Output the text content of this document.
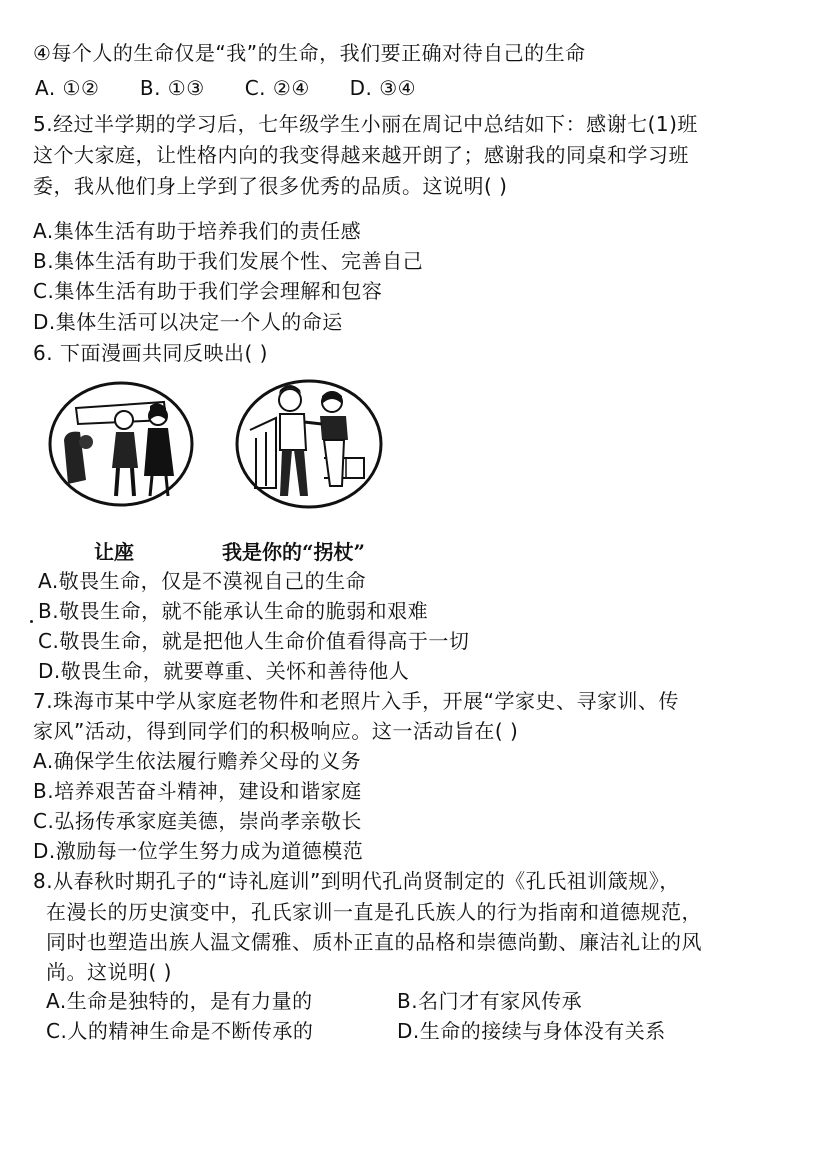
④每个人的生命仅是“我”的生命，我们要正确对待自己的生命
A. ①② B. ①③ C. ②④ D. ③④
5.经过半学期的学习后，七年级学生小丽在周记中总结如下：感谢七(1)班
这个大家庭，让性格内向的我变得越来越开朗了；感谢我的同桌和学习班
委，我从他们身上学到了很多优秀的品质。这说明( )
A.集体生活有助于培养我们的责任感
B.集体生活有助于我们发展个性、完善自己
C.集体生活有助于我们学会理解和包容
D.集体生活可以决定一个人的命运
6. 下面漫画共同反映出( )
让座	我是你的“拐杖”
A.敬畏生命，仅是不漠视自己的生命
B.敬畏生命，就不能承认生命的脆弱和艰难
C.敬畏生命，就是把他人生命价值看得高于一切
D.敬畏生命，就要尊重、关怀和善待他人
7.珠海市某中学从家庭老物件和老照片入手，开展“学家史、寻家训、传
家风”活动，得到同学们的积极响应。这一活动旨在( )
A.确保学生依法履行赡养父母的义务
B.培养艰苦奋斗精神，建设和谐家庭
C.弘扬传承家庭美德，崇尚孝亲敬长
D.激励每一位学生努力成为道德模范
8.从春秋时期孔子的“诗礼庭训”到明代孔尚贤制定的《孔氏祖训箴规》，
在漫长的历史演变中，孔氏家训一直是孔氏族人的行为指南和道德规范，
同时也塑造出族人温文儒雅、质朴正直的品格和崇德尚勤、廉洁礼让的风
尚。这说明( )
A.生命是独特的，是有力量的	B.名门才有家风传承
C.人的精神生命是不断传承的	D.生命的接续与身体没有关系
